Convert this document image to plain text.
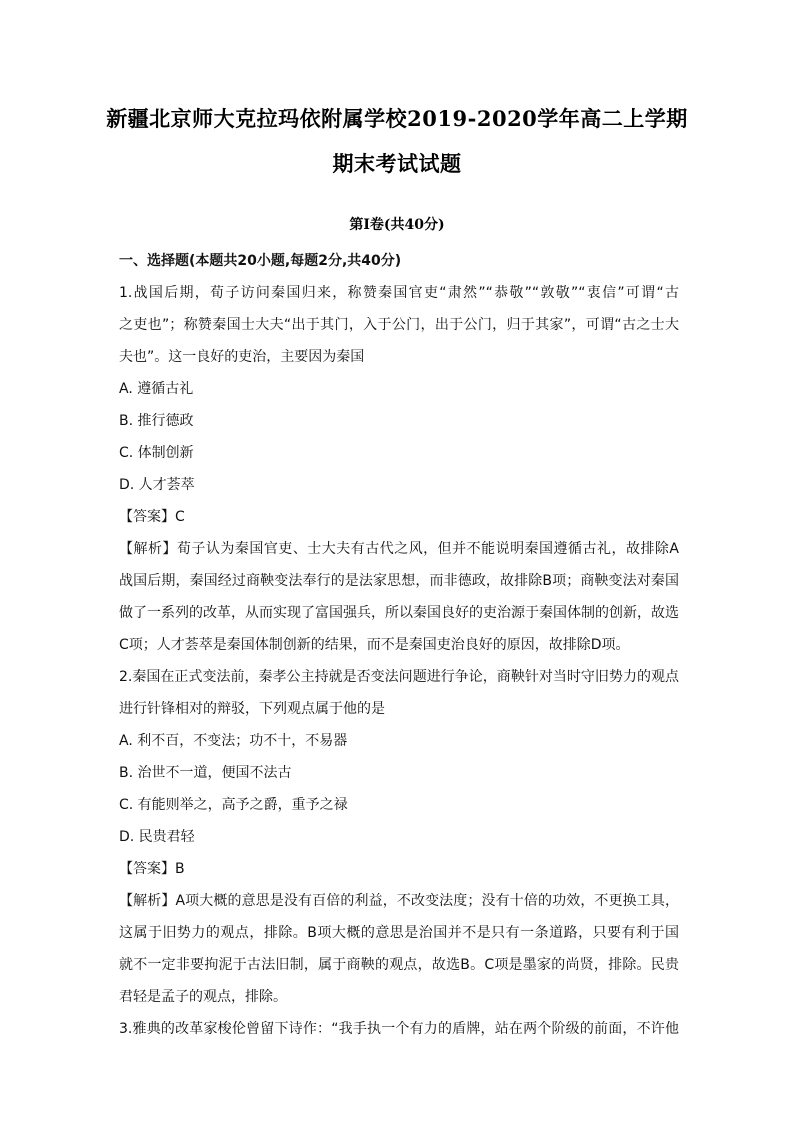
新疆北京师大克拉玛依附属学校2019-2020学年高二上学期
期末考试试题
第Ⅰ卷(共40分)
一、选择题(本题共20小题,每题2分,共40分)
1.战国后期，荀子访问秦国归来，称赞秦国官吏“肃然”“恭敬”“敦敬”“衷信”可谓“古
之吏也”；称赞秦国士大夫“出于其门，入于公门，出于公门，归于其家”，可谓“古之士大
夫也”。这一良好的吏治，主要因为秦国
A. 遵循古礼
B. 推行德政
C. 体制创新
D. 人才荟萃
【答案】C
【解析】荀子认为秦国官吏、士大夫有古代之风，但并不能说明秦国遵循古礼，故排除A
战国后期，秦国经过商鞅变法奉行的是法家思想，而非德政，故排除B项；商鞅变法对秦国
做了一系列的改革，从而实现了富国强兵，所以秦国良好的吏治源于秦国体制的创新，故选
C项；人才荟萃是秦国体制创新的结果，而不是秦国吏治良好的原因，故排除D项。
2.秦国在正式变法前，秦孝公主持就是否变法问题进行争论，商鞅针对当时守旧势力的观点
进行针锋相对的辩驳，下列观点属于他的是
A. 利不百，不变法；功不十，不易器
B. 治世不一道，便国不法古
C. 有能则举之，高予之爵，重予之禄
D. 民贵君轻
【答案】B
【解析】A项大概的意思是没有百倍的利益，不改变法度；没有十倍的功效，不更换工具，
这属于旧势力的观点，排除。B项大概的意思是治国并不是只有一条道路，只要有利于国
就不一定非要拘泥于古法旧制，属于商鞅的观点，故选B。C项是墨家的尚贤，排除。民贵
君轻是孟子的观点，排除。
3.雅典的改革家梭伦曾留下诗作：“我手执一个有力的盾牌，站在两个阶级的前面，不许他
